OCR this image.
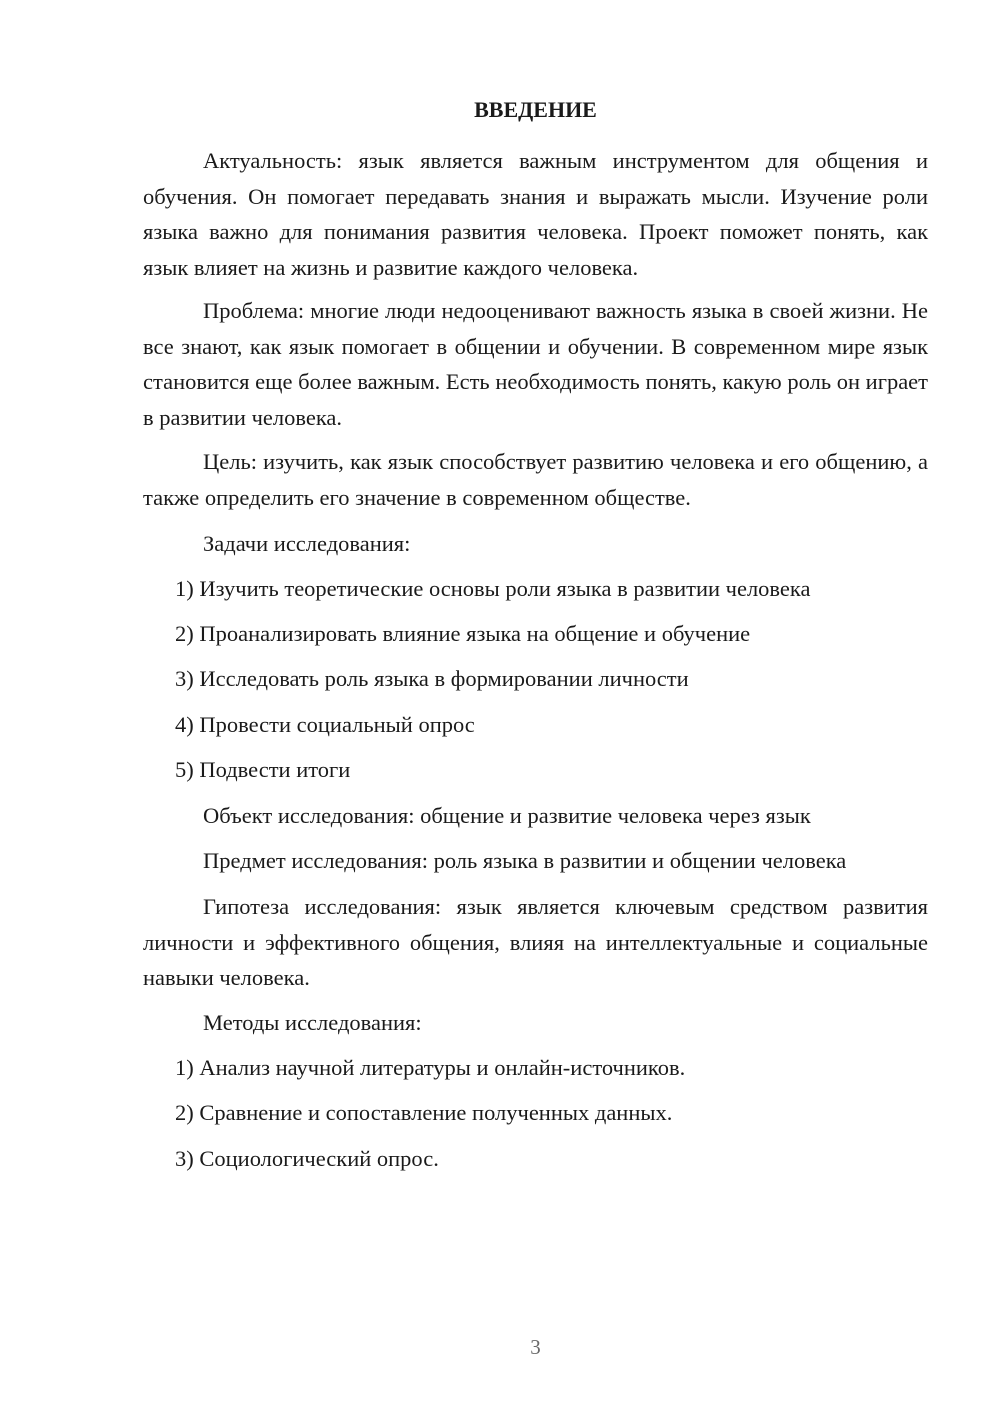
ВВЕДЕНИЕ

Актуальность: язык является важным инструментом для общения и обучения. Он помогает передавать знания и выражать мысли. Изучение роли языка важно для понимания развития человека. Проект поможет понять, как язык влияет на жизнь и развитие каждого человека.

Проблема: многие люди недооценивают важность языка в своей жизни. Не все знают, как язык помогает в общении и обучении. В современном мире язык становится еще более важным. Есть необходимость понять, какую роль он играет в развитии человека.

Цель: изучить, как язык способствует развитию человека и его общению, а также определить его значение в современном обществе.

Задачи исследования:
1) Изучить теоретические основы роли языка в развитии человека
2) Проанализировать влияние языка на общение и обучение
3) Исследовать роль языка в формировании личности
4) Провести социальный опрос
5) Подвести итоги
Объект исследования: общение и развитие человека через язык
Предмет исследования: роль языка в развитии и общении человека

Гипотеза исследования: язык является ключевым средством развития личности и эффективного общения, влияя на интеллектуальные и социальные навыки человека.

Методы исследования:
1) Анализ научной литературы и онлайн-источников.
2) Сравнение и сопоставление полученных данных.
3) Социологический опрос.
3
